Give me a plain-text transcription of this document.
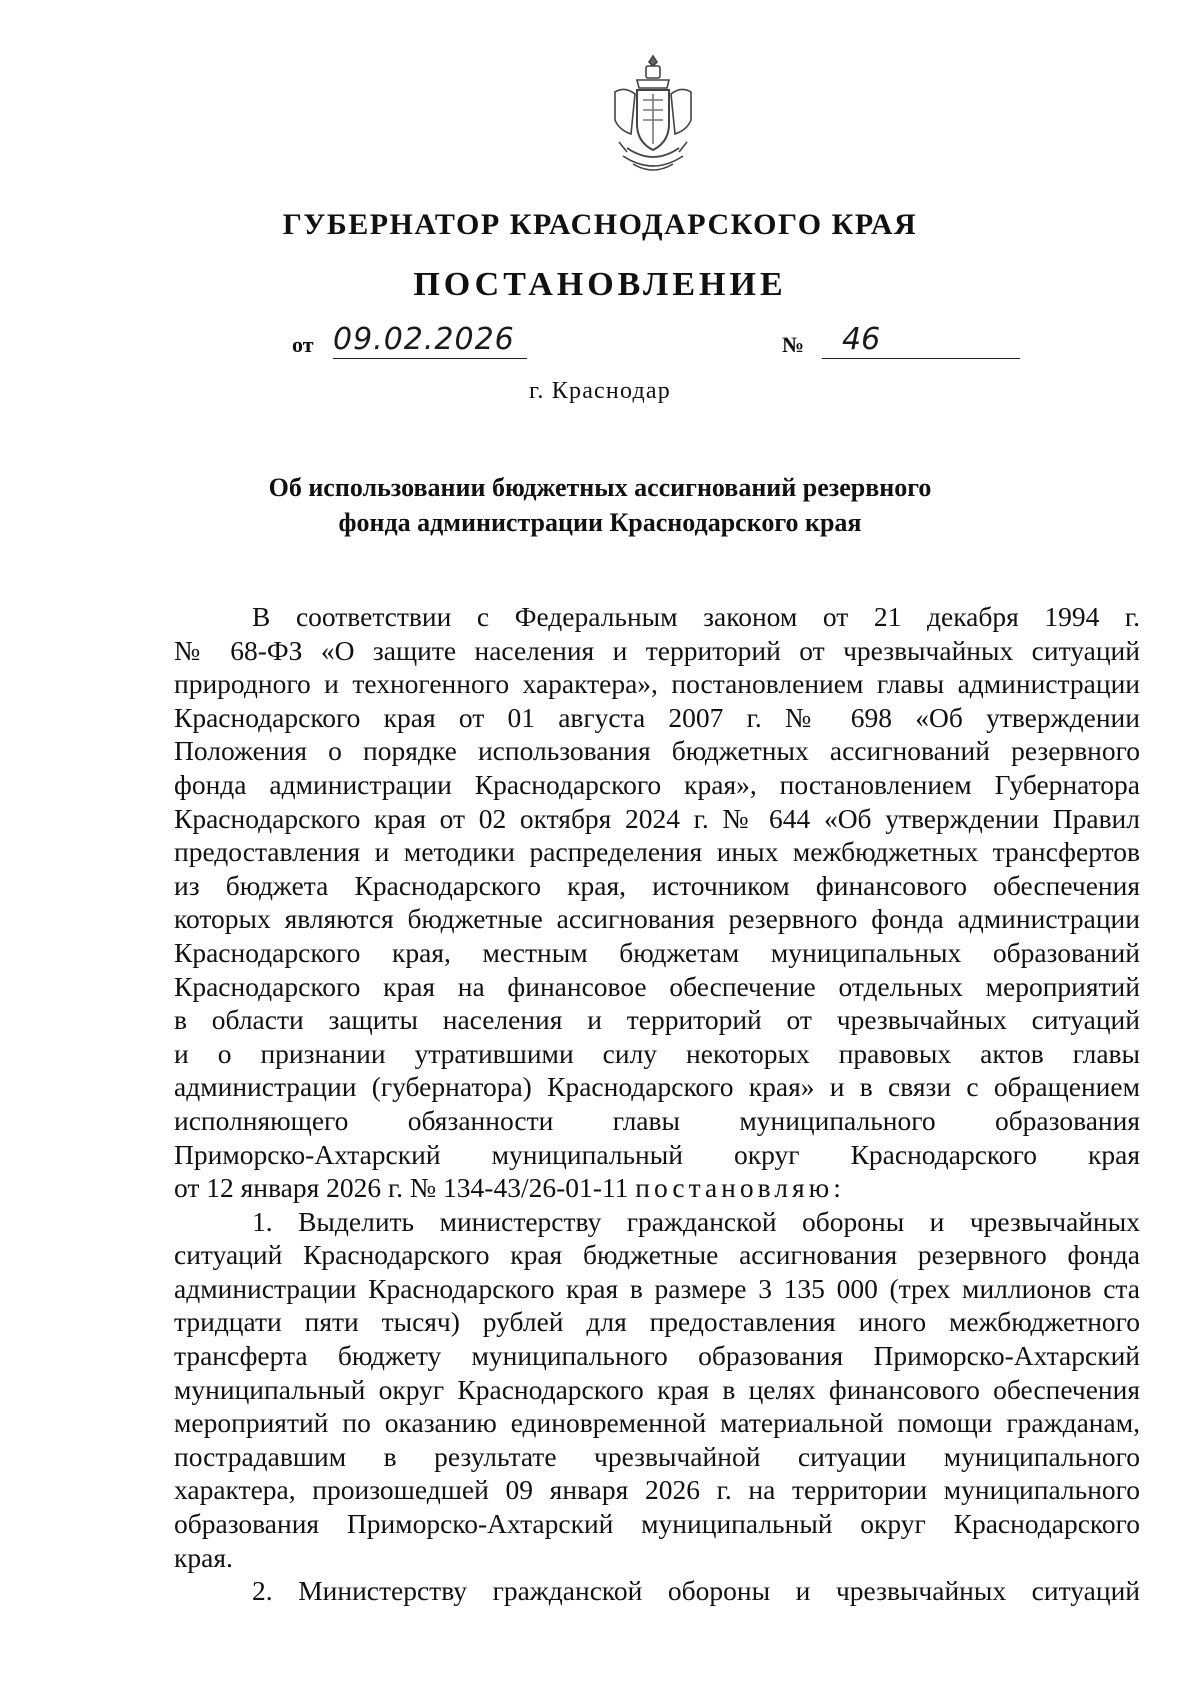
ГУБЕРНАТОР КРАСНОДАРСКОГО КРАЯ
ПОСТАНОВЛЕНИЕ
от 09.02.2026	№	46
г. Краснодар
Об использовании бюджетных ассигнований резервного
фонда администрации Краснодарского края
В соответствии с Федеральным законом от 21 декабря 1994 г.
№ 68-ФЗ «О защите населения и территорий от чрезвычайных ситуаций
природного и техногенного характера», постановлением главы администрации
Краснодарского края от 01 августа 2007 г. № 698 «Об утверждении
Положения о порядке использования бюджетных ассигнований резервного
фонда администрации Краснодарского края», постановлением Губернатора
Краснодарского края от 02 октября 2024 г. № 644 «Об утверждении Правил
предоставления и методики распределения иных межбюджетных трансфертов
из бюджета Краснодарского края, источником финансового обеспечения
которых являются бюджетные ассигнования резервного фонда администрации
Краснодарского края, местным бюджетам муниципальных образований
Краснодарского края на финансовое обеспечение отдельных мероприятий
в области защиты населения и территорий от чрезвычайных ситуаций
и о признании утратившими силу некоторых правовых актов главы
администрации (губернатора) Краснодарского края» и в связи с обращением
исполняющего обязанности главы муниципального образования
Приморско-Ахтарский муниципальный округ Краснодарского края
от 12 января 2026 г. № 134-43/26-01-11 постановляю:
1. Выделить министерству гражданской обороны и чрезвычайных
ситуаций Краснодарского края бюджетные ассигнования резервного фонда
администрации Краснодарского края в размере 3 135 000 (трех миллионов ста
тридцати пяти тысяч) рублей для предоставления иного межбюджетного
трансферта бюджету муниципального образования Приморско-Ахтарский
муниципальный округ Краснодарского края в целях финансового обеспечения
мероприятий по оказанию единовременной материальной помощи гражданам,
пострадавшим в результате чрезвычайной ситуации муниципального
характера, произошедшей 09 января 2026 г. на территории муниципального
образования Приморско-Ахтарский муниципальный округ Краснодарского
края.
2. Министерству гражданской обороны и чрезвычайных ситуаций
